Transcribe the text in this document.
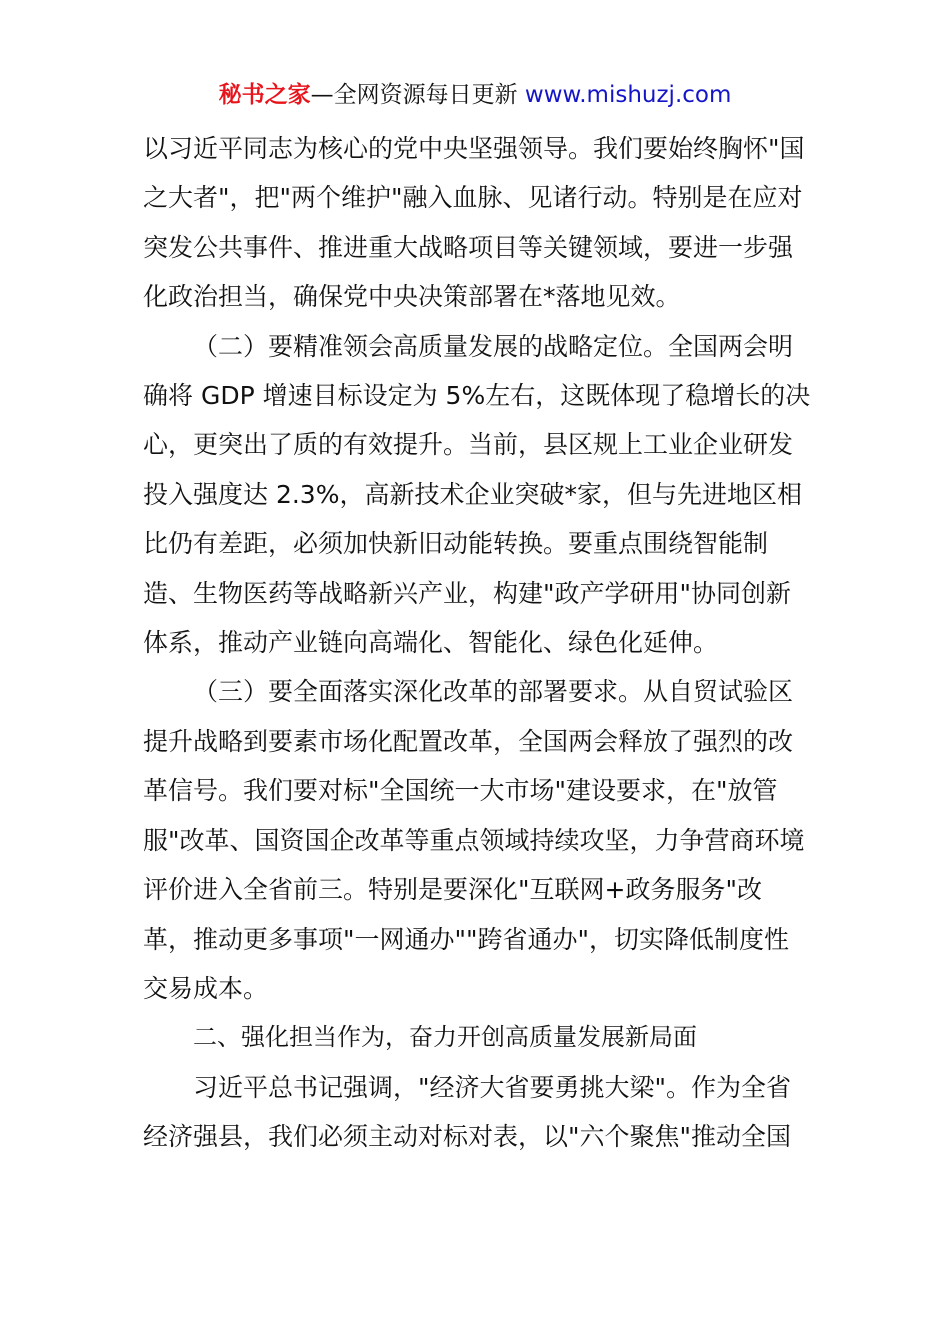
秘书之家—全网资源每日更新 www.mishuzj.com

以习近平同志为核心的党中央坚强领导。我们要始终胸怀"国之大者"，把"两个维护"融入血脉、见诸行动。特别是在应对突发公共事件、推进重大战略项目等关键领域，要进一步强化政治担当，确保党中央决策部署在*落地见效。

（二）要精准领会高质量发展的战略定位。全国两会明确将 GDP 增速目标设定为 5%左右，这既体现了稳增长的决心，更突出了质的有效提升。当前，县区规上工业企业研发投入强度达 2.3%，高新技术企业突破*家，但与先进地区相比仍有差距，必须加快新旧动能转换。要重点围绕智能制造、生物医药等战略新兴产业，构建"政产学研用"协同创新体系，推动产业链向高端化、智能化、绿色化延伸。

（三）要全面落实深化改革的部署要求。从自贸试验区提升战略到要素市场化配置改革，全国两会释放了强烈的改革信号。我们要对标"全国统一大市场"建设要求，在"放管服"改革、国资国企改革等重点领域持续攻坚，力争营商环境评价进入全省前三。特别是要深化"互联网+政务服务"改革，推动更多事项"一网通办""跨省通办"，切实降低制度性交易成本。

二、强化担当作为，奋力开创高质量发展新局面

习近平总书记强调，"经济大省要勇挑大梁"。作为全省经济强县，我们必须主动对标对表，以"六个聚焦"推动全国
